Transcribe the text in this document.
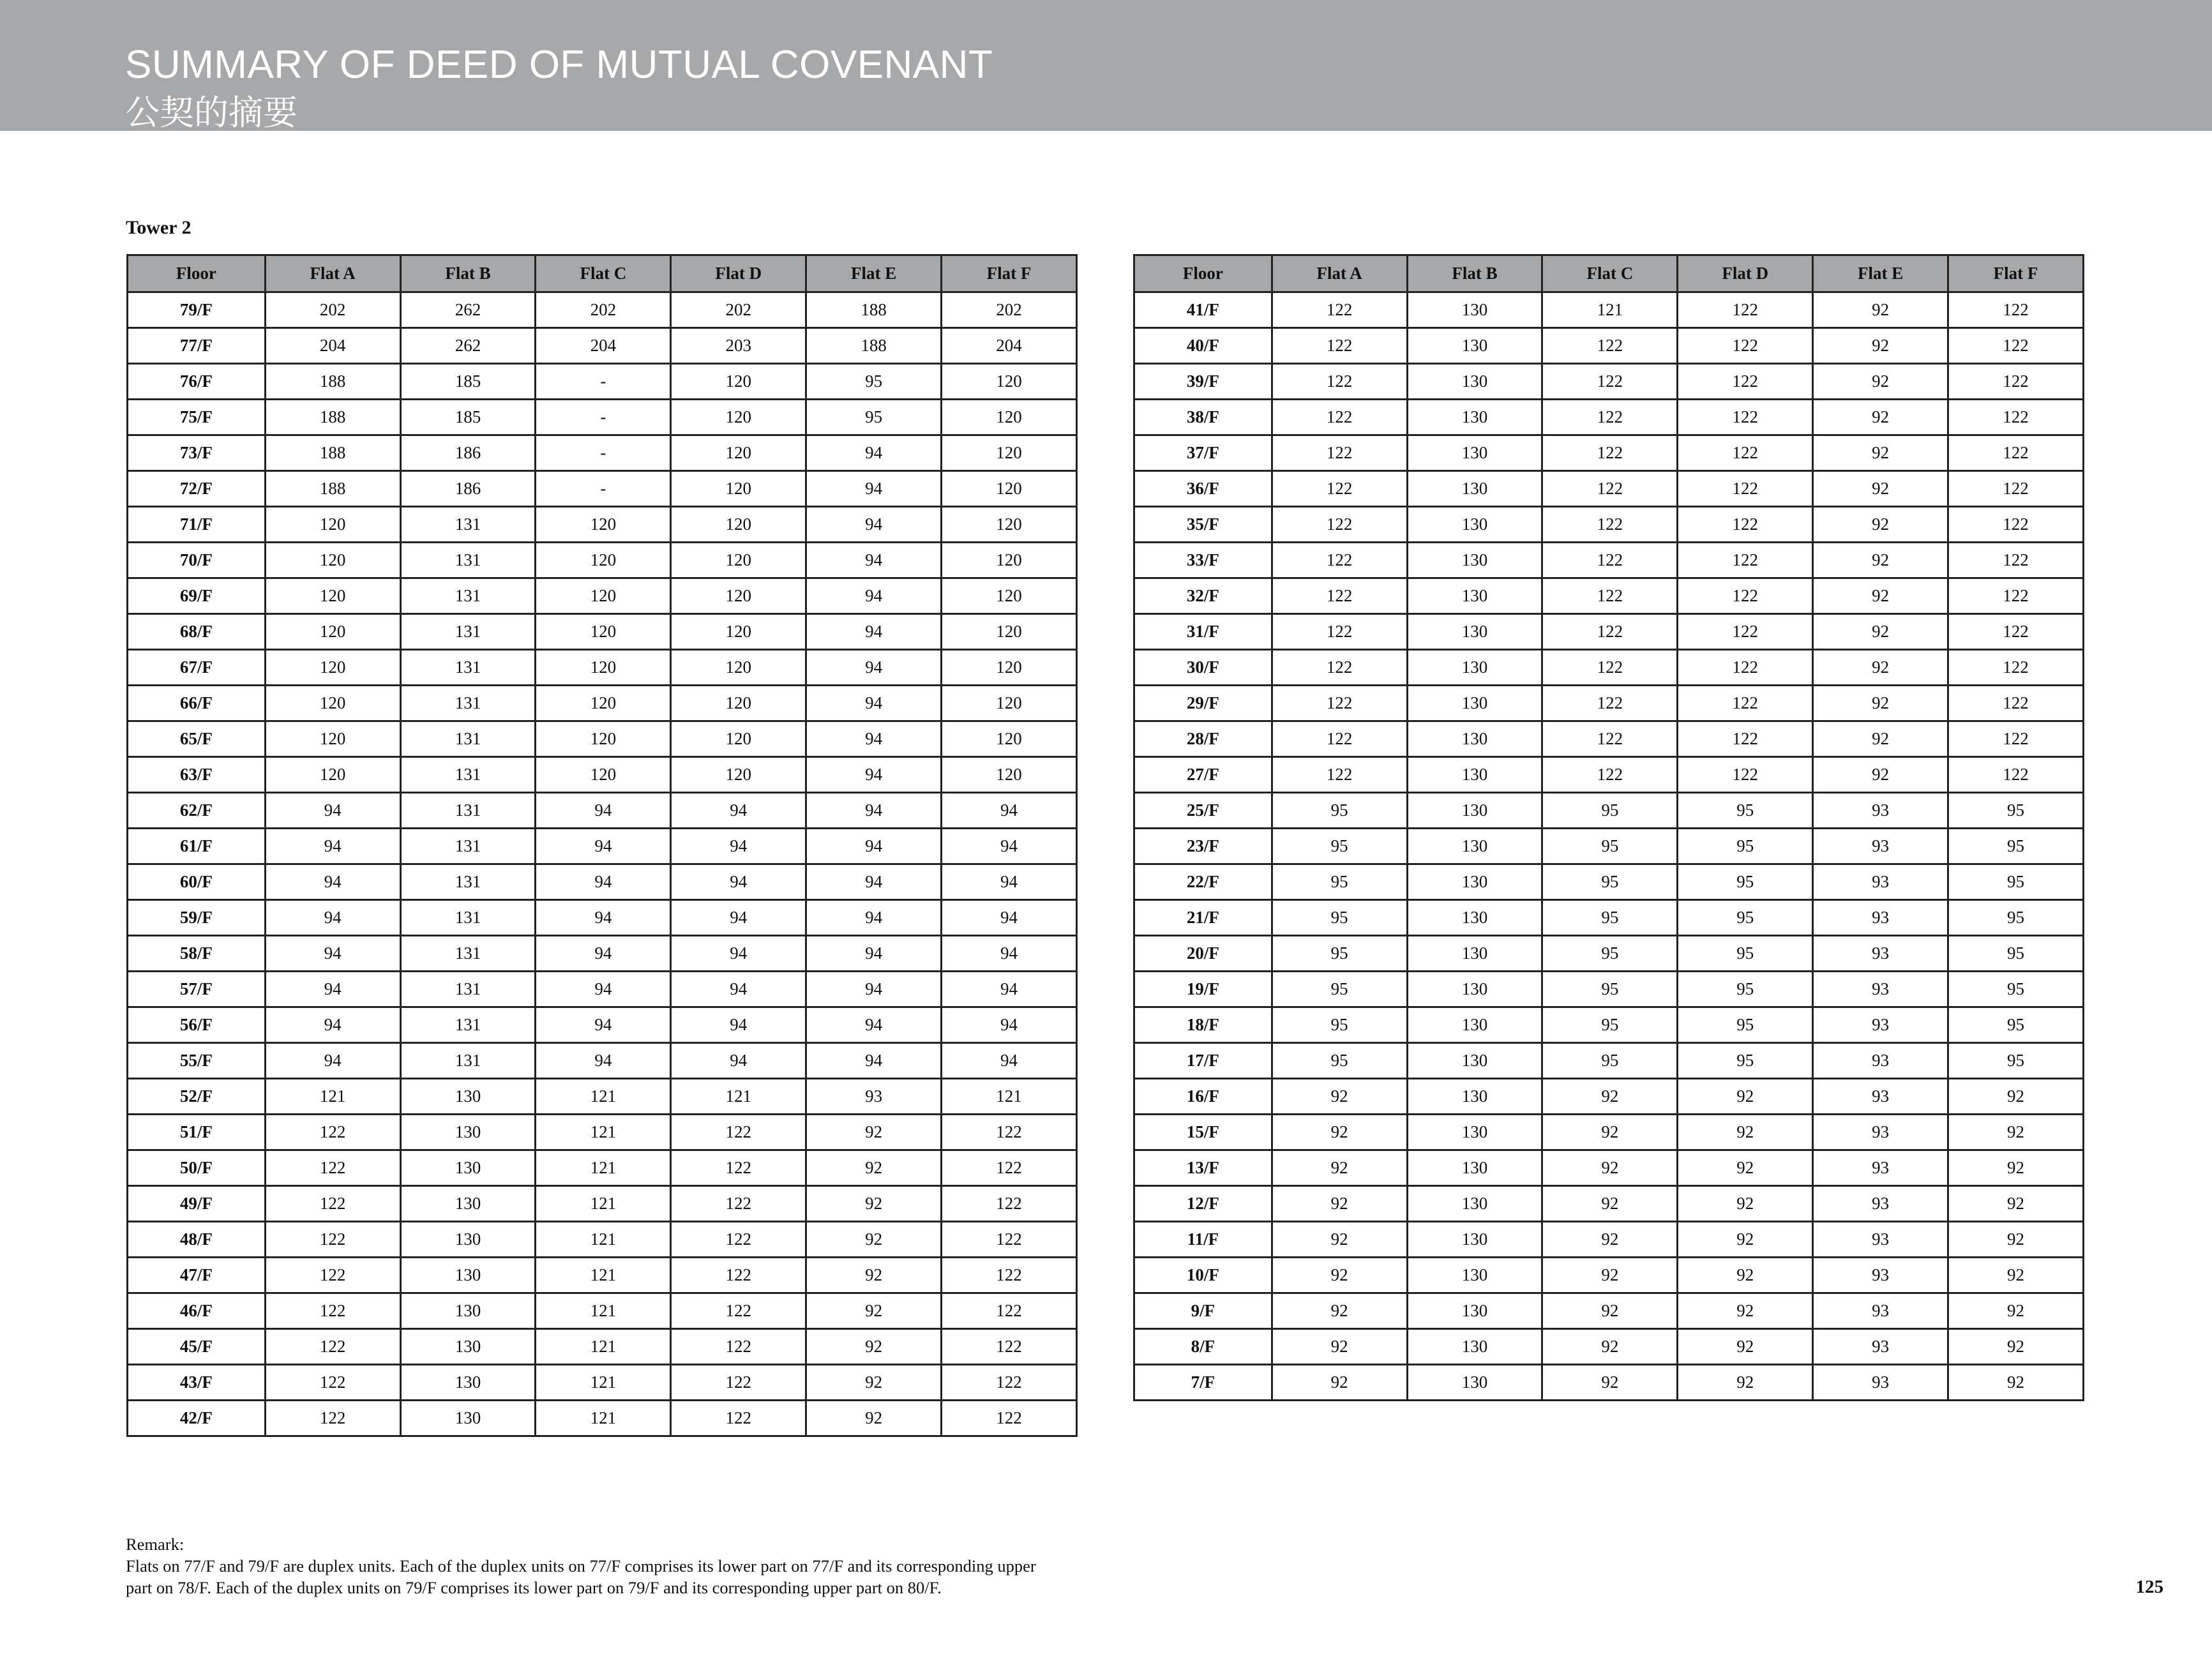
SUMMARY OF DEED OF MUTUAL COVENANT
公契的摘要
Tower 2
Floor	Flat A	Flat B	Flat C	Flat D	Flat E	Flat F
79/F	202	262	202	202	188	202
77/F	204	262	204	203	188	204
76/F	188	185	-	120	95	120
75/F	188	185	-	120	95	120
73/F	188	186	-	120	94	120
72/F	188	186	-	120	94	120
71/F	120	131	120	120	94	120
70/F	120	131	120	120	94	120
69/F	120	131	120	120	94	120
68/F	120	131	120	120	94	120
67/F	120	131	120	120	94	120
66/F	120	131	120	120	94	120
65/F	120	131	120	120	94	120
63/F	120	131	120	120	94	120
62/F	94	131	94	94	94	94
61/F	94	131	94	94	94	94
60/F	94	131	94	94	94	94
59/F	94	131	94	94	94	94
58/F	94	131	94	94	94	94
57/F	94	131	94	94	94	94
56/F	94	131	94	94	94	94
55/F	94	131	94	94	94	94
52/F	121	130	121	121	93	121
51/F	122	130	121	122	92	122
50/F	122	130	121	122	92	122
49/F	122	130	121	122	92	122
48/F	122	130	121	122	92	122
47/F	122	130	121	122	92	122
46/F	122	130	121	122	92	122
45/F	122	130	121	122	92	122
43/F	122	130	121	122	92	122
42/F	122	130	121	122	92	122
Floor	Flat A	Flat B	Flat C	Flat D	Flat E	Flat F
41/F	122	130	121	122	92	122
40/F	122	130	122	122	92	122
39/F	122	130	122	122	92	122
38/F	122	130	122	122	92	122
37/F	122	130	122	122	92	122
36/F	122	130	122	122	92	122
35/F	122	130	122	122	92	122
33/F	122	130	122	122	92	122
32/F	122	130	122	122	92	122
31/F	122	130	122	122	92	122
30/F	122	130	122	122	92	122
29/F	122	130	122	122	92	122
28/F	122	130	122	122	92	122
27/F	122	130	122	122	92	122
25/F	95	130	95	95	93	95
23/F	95	130	95	95	93	95
22/F	95	130	95	95	93	95
21/F	95	130	95	95	93	95
20/F	95	130	95	95	93	95
19/F	95	130	95	95	93	95
18/F	95	130	95	95	93	95
17/F	95	130	95	95	93	95
16/F	92	130	92	92	93	92
15/F	92	130	92	92	93	92
13/F	92	130	92	92	93	92
12/F	92	130	92	92	93	92
11/F	92	130	92	92	93	92
10/F	92	130	92	92	93	92
9/F	92	130	92	92	93	92
8/F	92	130	92	92	93	92
7/F	92	130	92	92	93	92
Remark:
Flats on 77/F and 79/F are duplex units. Each of the duplex units on 77/F comprises its lower part on 77/F and its corresponding upper
part on 78/F. Each of the duplex units on 79/F comprises its lower part on 79/F and its corresponding upper part on 80/F.	125
